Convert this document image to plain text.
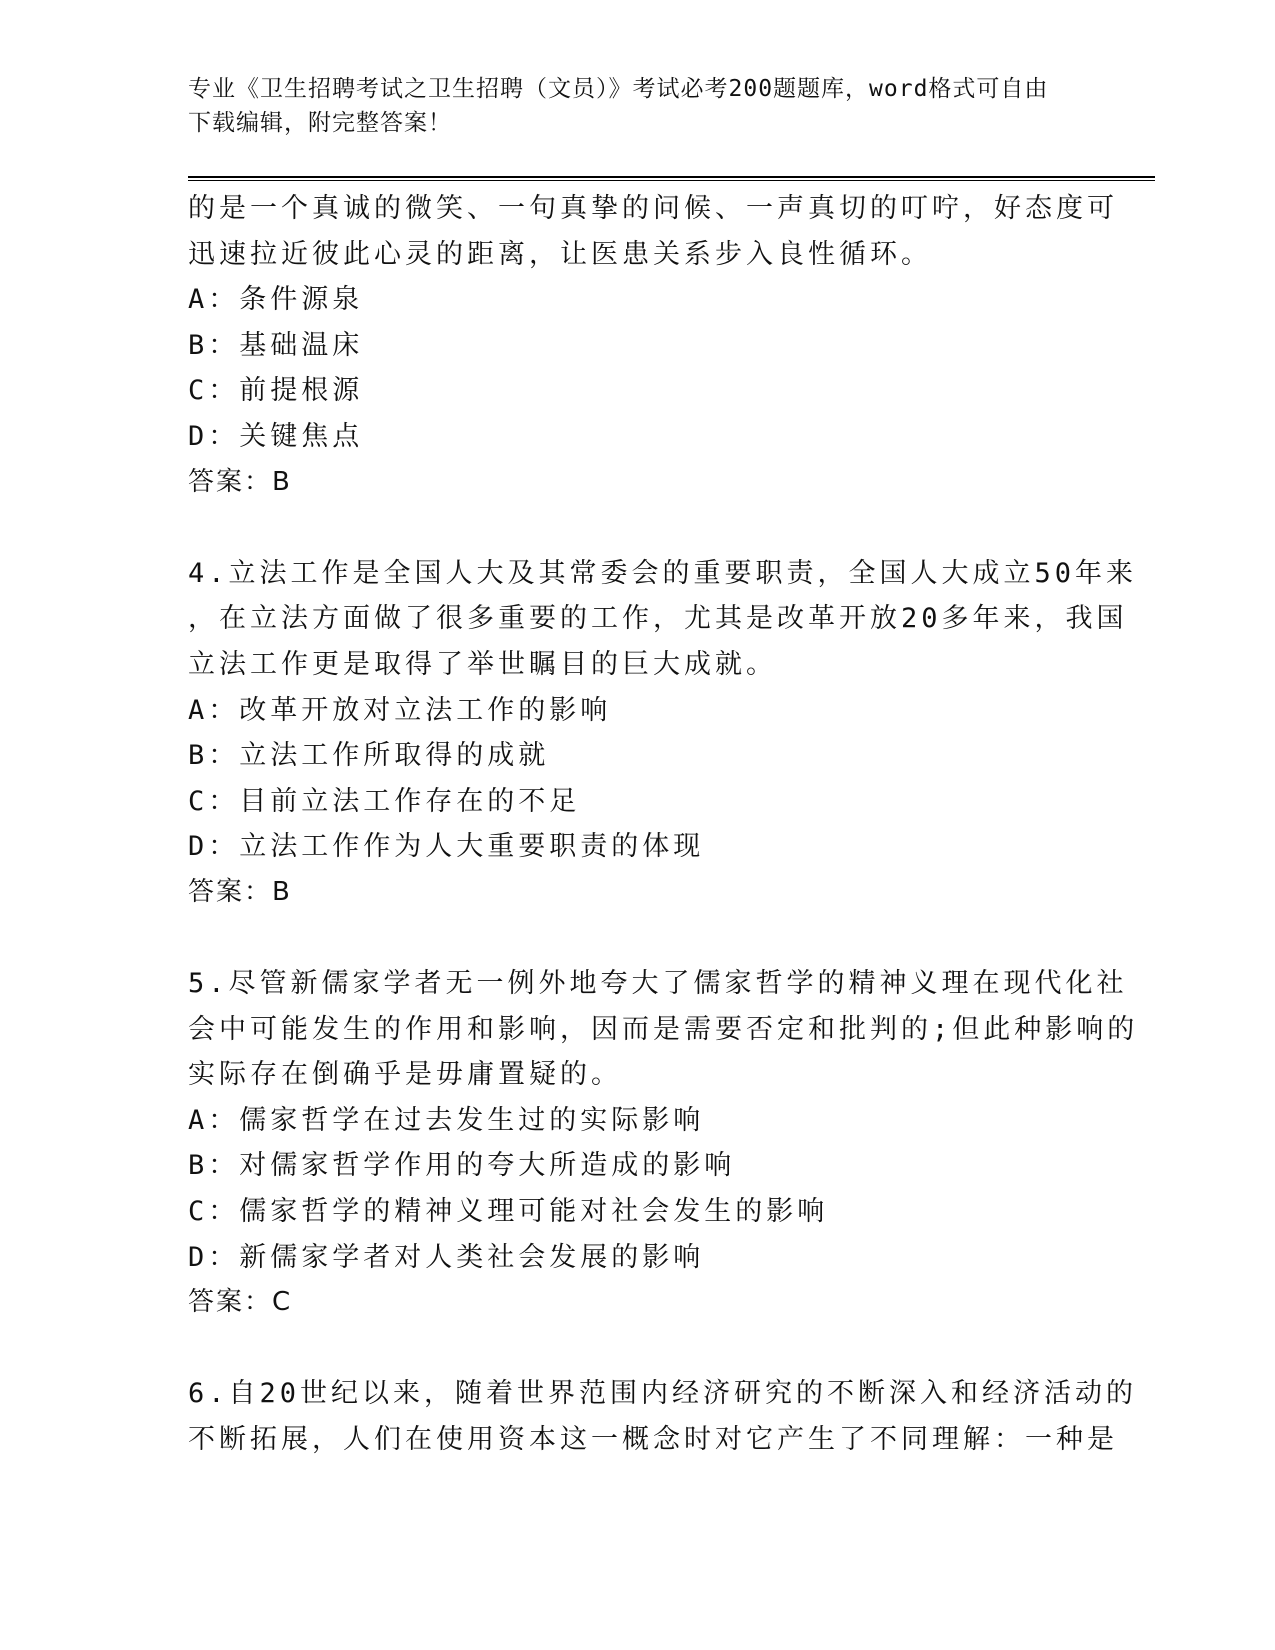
专业《卫生招聘考试之卫生招聘（文员）》考试必考200题题库，word格式可自由下载编辑，附完整答案！
的是一个真诚的微笑、一句真挚的问候、一声真切的叮咛，好态度可
迅速拉近彼此心灵的距离，让医患关系步入良性循环。
A：条件源泉
B：基础温床
C：前提根源
D：关键焦点
答案：B
4.立法工作是全国人大及其常委会的重要职责，全国人大成立50年来
，在立法方面做了很多重要的工作，尤其是改革开放20多年来，我国
立法工作更是取得了举世瞩目的巨大成就。
A：改革开放对立法工作的影响
B：立法工作所取得的成就
C：目前立法工作存在的不足
D：立法工作作为人大重要职责的体现
答案：B
5.尽管新儒家学者无一例外地夸大了儒家哲学的精神义理在现代化社
会中可能发生的作用和影响，因而是需要否定和批判的;但此种影响的
实际存在倒确乎是毋庸置疑的。
A：儒家哲学在过去发生过的实际影响
B：对儒家哲学作用的夸大所造成的影响
C：儒家哲学的精神义理可能对社会发生的影响
D：新儒家学者对人类社会发展的影响
答案：C
6.自20世纪以来，随着世界范围内经济研究的不断深入和经济活动的
不断拓展，人们在使用资本这一概念时对它产生了不同理解：一种是
